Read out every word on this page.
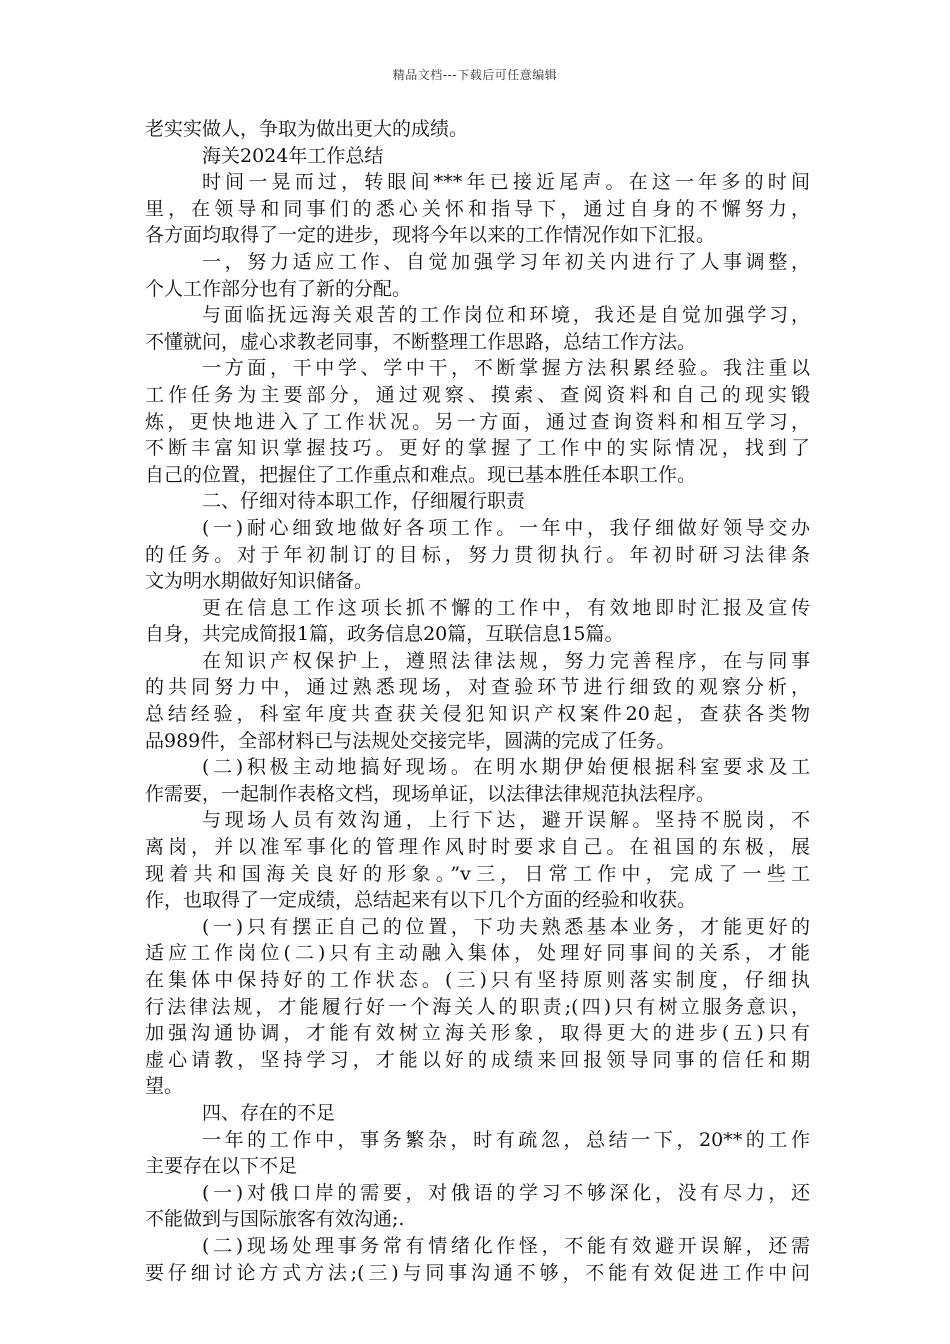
精品文档---下载后可任意编辑
老实实做人，争取为做出更大的成绩。
海关2024年工作总结
时间一晃而过，转眼间***年已接近尾声。在这一年多的时间
里，在领导和同事们的悉心关怀和指导下，通过自身的不懈努力，
各方面均取得了一定的进步，现将今年以来的工作情况作如下汇报。
一，努力适应工作、自觉加强学习年初关内进行了人事调整，
个人工作部分也有了新的分配。
与面临抚远海关艰苦的工作岗位和环境，我还是自觉加强学习，
不懂就问，虚心求教老同事，不断整理工作思路，总结工作方法。
一方面，干中学、学中干，不断掌握方法积累经验。我注重以
工作任务为主要部分，通过观察、摸索、查阅资料和自己的现实锻
炼，更快地进入了工作状况。另一方面，通过查询资料和相互学习，
不断丰富知识掌握技巧。更好的掌握了工作中的实际情况，找到了
自己的位置，把握住了工作重点和难点。现已基本胜任本职工作。
二、仔细对待本职工作，仔细履行职责
(一)耐心细致地做好各项工作。一年中，我仔细做好领导交办
的任务。对于年初制订的目标，努力贯彻执行。年初时研习法律条
文为明水期做好知识储备。
更在信息工作这项长抓不懈的工作中，有效地即时汇报及宣传
自身，共完成简报1篇，政务信息20篇，互联信息15篇。
在知识产权保护上，遵照法律法规，努力完善程序，在与同事
的共同努力中，通过熟悉现场，对查验环节进行细致的观察分析，
总结经验，科室年度共查获关侵犯知识产权案件20起，查获各类物
品989件，全部材料已与法规处交接完毕，圆满的完成了任务。
(二)积极主动地搞好现场。在明水期伊始便根据科室要求及工
作需要，一起制作表格文档，现场单证，以法律法律规范执法程序。
与现场人员有效沟通，上行下达，避开误解。坚持不脱岗，不
离岗，并以准军事化的管理作风时时要求自己。在祖国的东极，展
现着共和国海关良好的形象。”v三，日常工作中，完成了一些工
作，也取得了一定成绩，总结起来有以下几个方面的经验和收获。
(一)只有摆正自己的位置，下功夫熟悉基本业务，才能更好的
适应工作岗位(二)只有主动融入集体，处理好同事间的关系，才能
在集体中保持好的工作状态。(三)只有坚持原则落实制度，仔细执
行法律法规，才能履行好一个海关人的职责;(四)只有树立服务意识，
加强沟通协调，才能有效树立海关形象，取得更大的进步(五)只有
虚心请教，坚持学习，才能以好的成绩来回报领导同事的信任和期
望。
四、存在的不足
一年的工作中，事务繁杂，时有疏忽，总结一下，20**的工作
主要存在以下不足
(一)对俄口岸的需要，对俄语的学习不够深化，没有尽力，还
不能做到与国际旅客有效沟通;.
(二)现场处理事务常有情绪化作怪，不能有效避开误解，还需
要仔细讨论方式方法;(三)与同事沟通不够，不能有效促进工作中问
